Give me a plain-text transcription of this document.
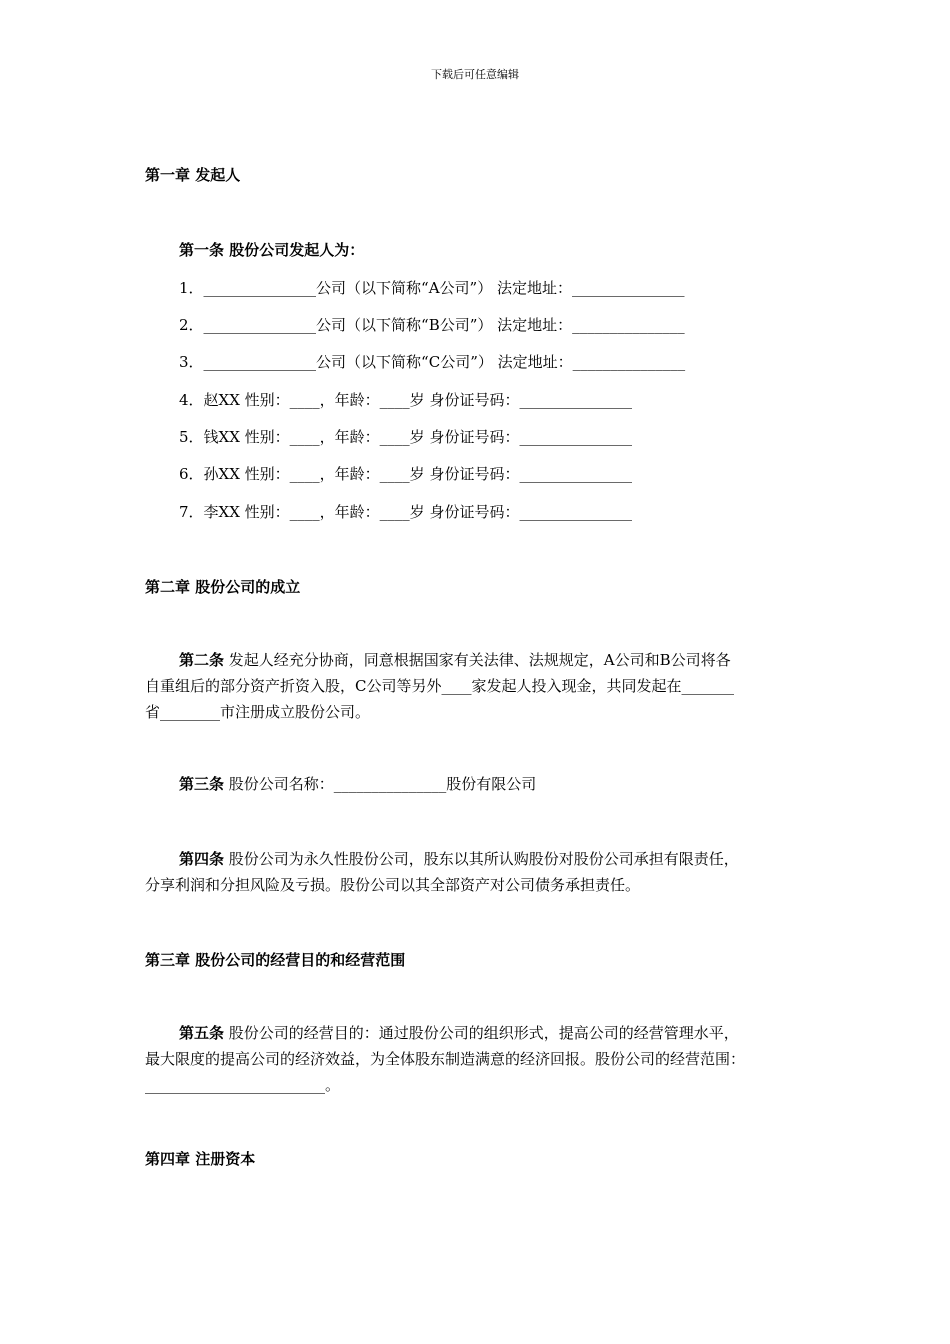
下载后可任意编辑
第一章 发起人
第一条 股份公司发起人为：
1．_______________公司（以下简称“A公司”） 法定地址：_______________
2．_______________公司（以下简称“B公司”） 法定地址：_______________
3．_______________公司（以下简称“C公司”） 法定地址：_______________
4．赵XX 性别：____，年龄：____岁 身份证号码：_______________
5．钱XX 性别：____，年龄：____岁 身份证号码：_______________
6．孙XX 性别：____，年龄：____岁 身份证号码：_______________
7．李XX 性别：____，年龄：____岁 身份证号码：_______________
第二章 股份公司的成立
第二条 发起人经充分协商，同意根据国家有关法律、法规规定，A公司和B公司将各
自重组后的部分资产折资入股，C公司等另外____家发起人投入现金，共同发起在_______
省________市注册成立股份公司。
第三条 股份公司名称：_______________股份有限公司
第四条 股份公司为永久性股份公司，股东以其所认购股份对股份公司承担有限责任，
分享利润和分担风险及亏损。股份公司以其全部资产对公司债务承担责任。
第三章 股份公司的经营目的和经营范围
第五条 股份公司的经营目的：通过股份公司的组织形式，提高公司的经营管理水平，
最大限度的提高公司的经济效益，为全体股东制造满意的经济回报。股份公司的经营范围：
________________________。
第四章 注册资本
